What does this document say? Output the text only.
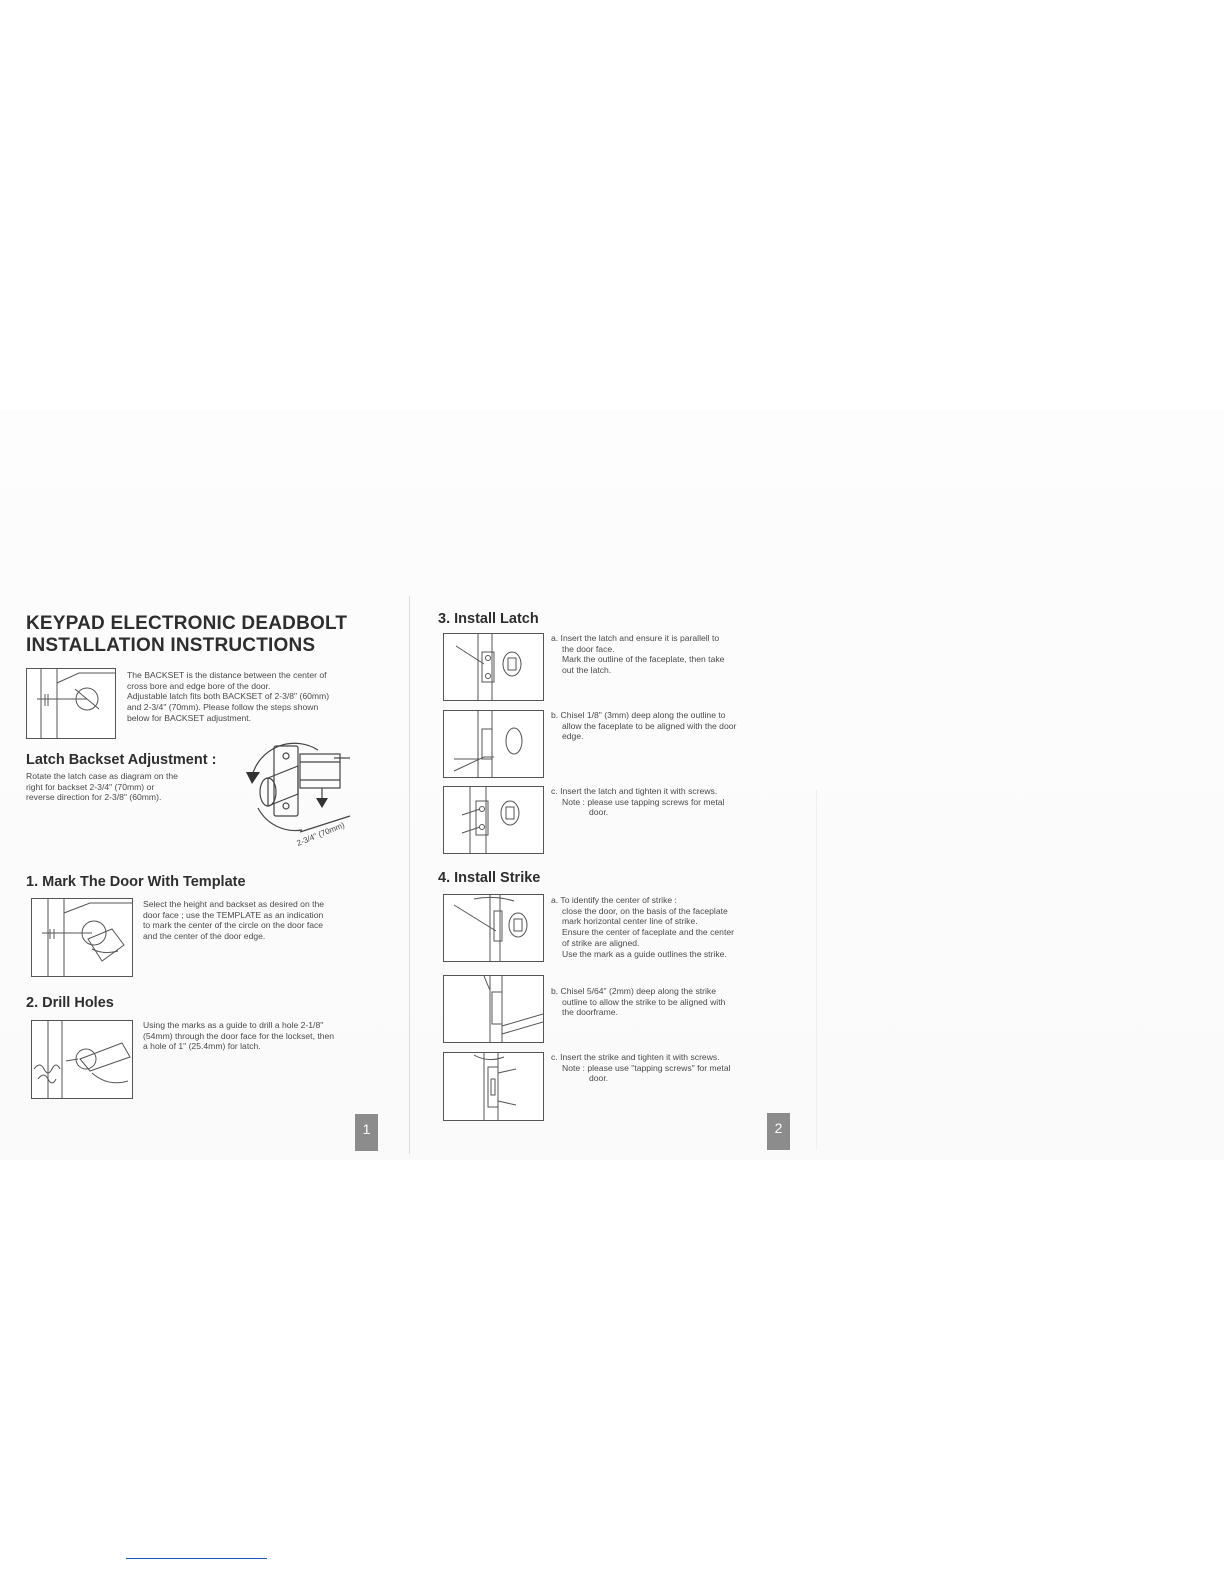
KEYPAD ELECTRONIC DEADBOLT
INSTALLATION INSTRUCTIONS
The BACKSET is the distance between the center of
cross bore and edge bore of the door.
Adjustable latch fits both BACKSET of 2-3/8" (60mm)
and 2-3/4" (70mm). Please follow the steps shown
below for BACKSET adjustment.
Latch Backset Adjustment :
Rotate the latch case as diagram on the
right for backset 2-3/4" (70mm) or
reverse direction for 2-3/8" (60mm).
2-3/4" (70mm)
1. Mark The Door With Template
Select the height and backset as desired on the
door face ; use the TEMPLATE as an indication
to mark the center of the circle on the door face
and the center of the door edge.
2. Drill Holes
Using the marks as a guide to drill a hole 2-1/8"
(54mm) through the door face for the lockset, then
a hole of 1" (25.4mm) for latch.
1
3. Install Latch
a. Insert the latch and ensure it is parallell to
the door face.
Mark the outline of the faceplate, then take
out the latch.
b. Chisel 1/8" (3mm) deep along the outline to
allow the faceplate to be aligned with the door
edge.
c. Insert the latch and tighten it with screws.
Note : please use tapping screws for metal
door.
4. Install Strike
a. To identify the center of strike :
close the door, on the basis of the faceplate
mark horizontal center line of strike.
Ensure the center of faceplate and the center
of strike are aligned.
Use the mark as a guide outlines the strike.
b. Chisel 5/64" (2mm) deep along the strike
outline to allow the strike to be aligned with
the doorframe.
c. Insert the strike and tighten it with screws.
Note : please use "tapping screws" for metal
door.
2
